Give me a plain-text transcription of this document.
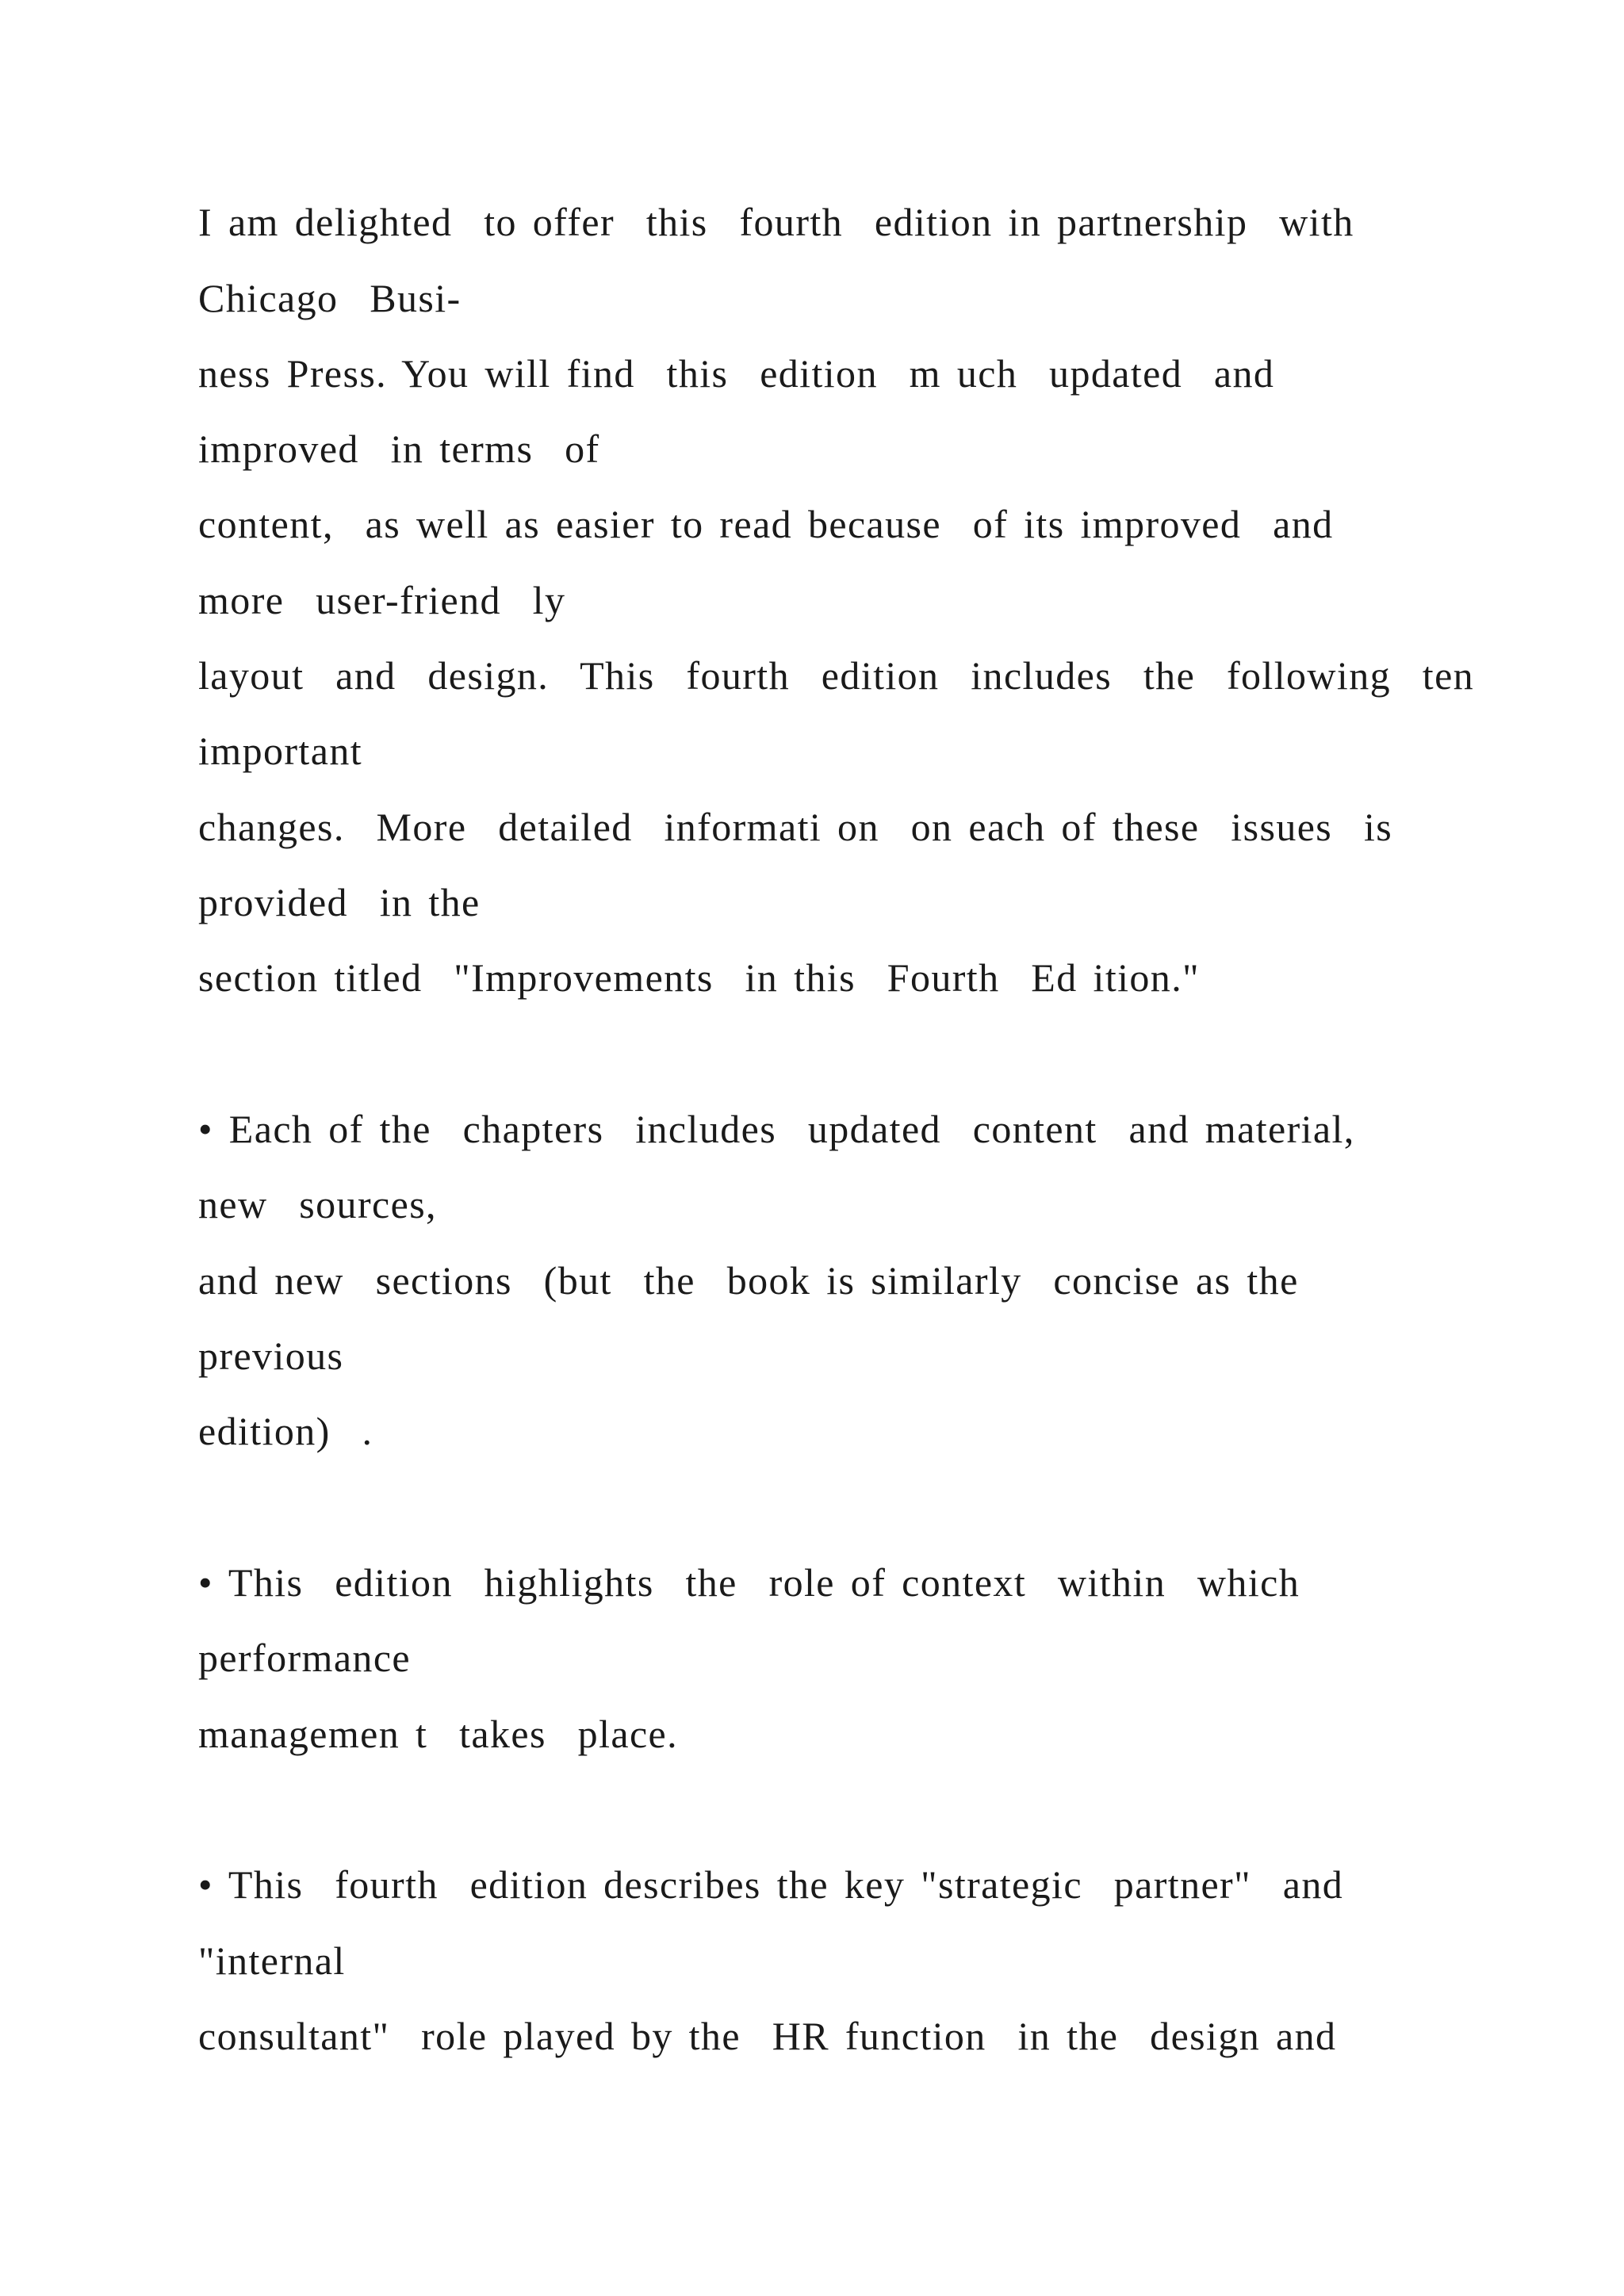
I am delighted  to offer  this  fourth  edition in partnership  with
Chicago  Busi-
ness Press. You will find  this  edition  m uch  updated  and
improved  in terms  of
content,  as well as easier to read because  of its improved  and
more  user-friend  ly
layout  and  design.  This  fourth  edition  includes  the  following  ten
important
changes.  More  detailed  informati on  on each of these  issues  is
provided  in the
section titled  "Improvements  in this  Fourth  Ed ition."
• Each of the  chapters  includes  updated  content  and material,
new  sources,
and new  sections  (but  the  book is similarly  concise as the
previous
edition)  .
• This  edition  highlights  the  role of context  within  which
performance
managemen t  takes  place.
• This  fourth  edition describes the key "strategic  partner"  and
"internal
consultant"  role played by the  HR function  in the  design and
